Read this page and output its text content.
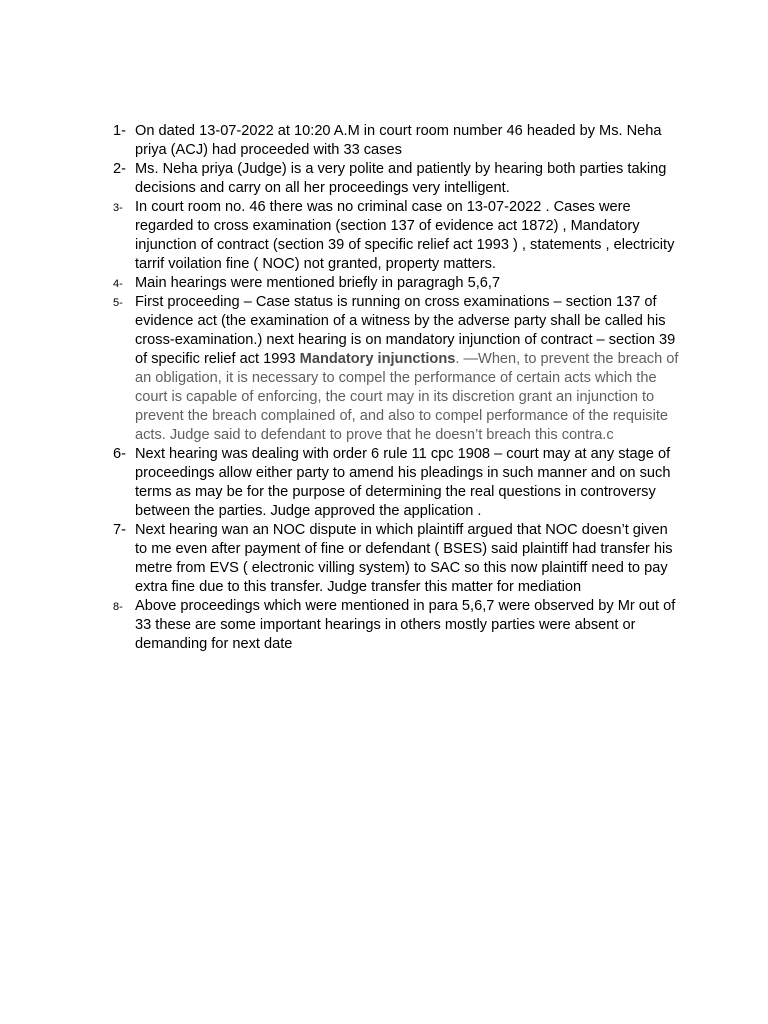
1- On dated 13-07-2022 at 10:20 A.M in court room number 46 headed by Ms. Neha priya (ACJ) had proceeded with 33 cases
2- Ms. Neha priya (Judge) is a very polite and patiently by hearing both parties taking decisions and carry on all her proceedings very intelligent.
3- In court room no. 46 there was no criminal case on 13-07-2022 . Cases were regarded to cross examination (section 137 of evidence act 1872) , Mandatory injunction of contract (section 39 of specific relief act 1993 ) , statements , electricity tarrif voilation fine ( NOC) not granted, property matters.
4- Main hearings were mentioned briefly in paragragh 5,6,7
5- First proceeding – Case status is running on cross examinations – section 137 of evidence act (the examination of a witness by the adverse party shall be called his cross-examination.) next hearing is on mandatory injunction of contract – section 39 of specific relief act 1993 Mandatory injunctions. —When, to prevent the breach of an obligation, it is necessary to compel the performance of certain acts which the court is capable of enforcing, the court may in its discretion grant an injunction to prevent the breach complained of, and also to compel performance of the requisite acts. Judge said to defendant to prove that he doesn’t breach this contra.c
6- Next hearing was dealing with order 6 rule 11 cpc 1908 – court may at any stage of proceedings allow either party to amend his pleadings in such manner and on such terms as may be for the purpose of determining the real questions in controversy between the parties. Judge approved the application .
7- Next hearing wan an NOC dispute in which plaintiff argued that NOC doesn’t given to me even after payment of fine or defendant ( BSES) said plaintiff had transfer his metre from EVS ( electronic villing system) to SAC so this now plaintiff need to pay extra fine due to this transfer. Judge transfer this matter for mediation
8- Above proceedings which were mentioned in para 5,6,7 were observed by Mr out of 33 these are some important hearings in others mostly parties were absent or demanding for next date
